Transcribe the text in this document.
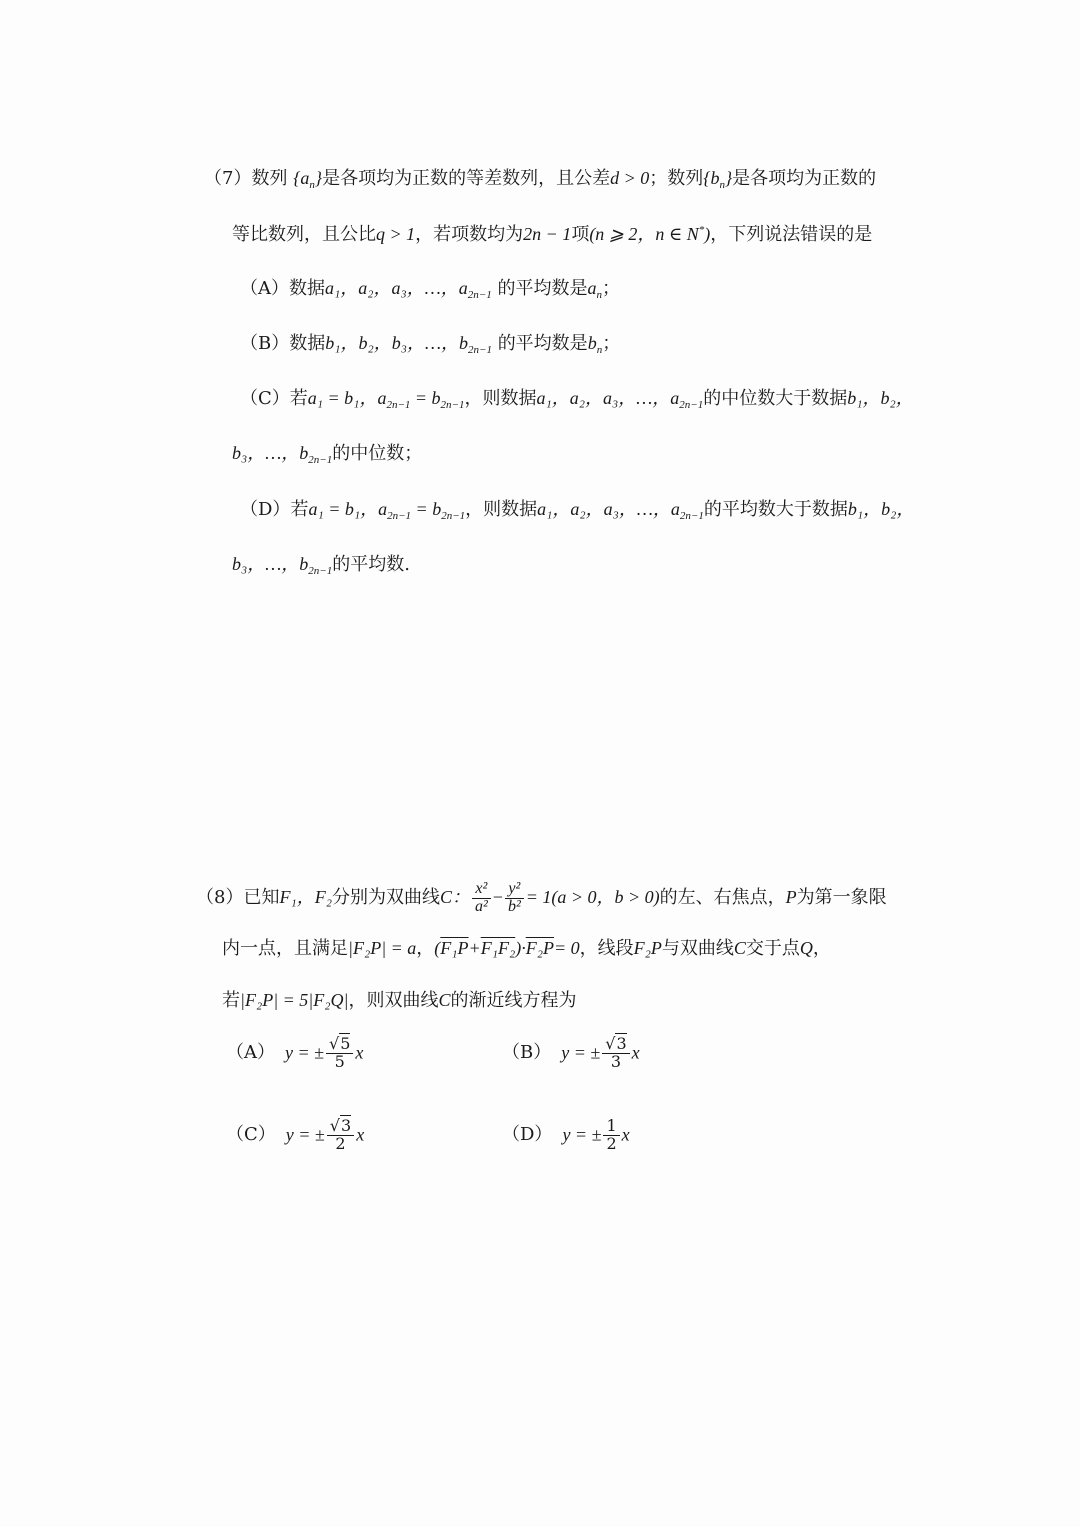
（7）数列 $\{a_n\}$是各项均为正数的等差数列，且公差d > 0；数列$\{b_n\}$是各项均为正数的
等比数列，且公比q > 1，若项数均为2n − 1项(n ⩾ 2，n ∈ N*)，下列说法错误的是
（A）数据a₁，a₂，a₃，…，$a_{2n-1}$ 的平均数是$a_n$；
（B）数据b₁，b₂，b₃，…，$b_{2n-1}$ 的平均数是$b_n$；
（C）若a₁ = b₁，$a_{2n-1} = b_{2n-1}$，则数据a₁，a₂，a₃，…，$a_{2n-1}$的中位数大于数据b₁，b₂，
b₃，…，$b_{2n-1}$的中位数；
（D）若a₁ = b₁，$a_{2n-1} = b_{2n-1}$，则数据a₁，a₂，a₃，…，$a_{2n-1}$的平均数大于数据b₁，b₂，
b₃，…，$b_{2n-1}$的平均数.
（8）已知F₁，F₂分别为双曲线C： $\frac{\text{x²}}{\text{a²}} - \frac{\text{y²}}{\text{b²}} = 1(a > 0$，b > 0)的左、右焦点，P为第一象限
内一点，且满足|F₂P| = a，(F₁P+F₁F₂)·F₂P= 0，线段F₂P与双曲线C交于点Q，
若|F₂P| = 5|F₂Q|，则双曲线C的渐近线方程为
（A） y = ± $\frac{√5}{5}$ x	（B） y = ± $\frac{√3}{3}$ x
（C） y = ± $\frac{√3}{2}$ x	（D） y = ± $\frac{1}{2}$ x
